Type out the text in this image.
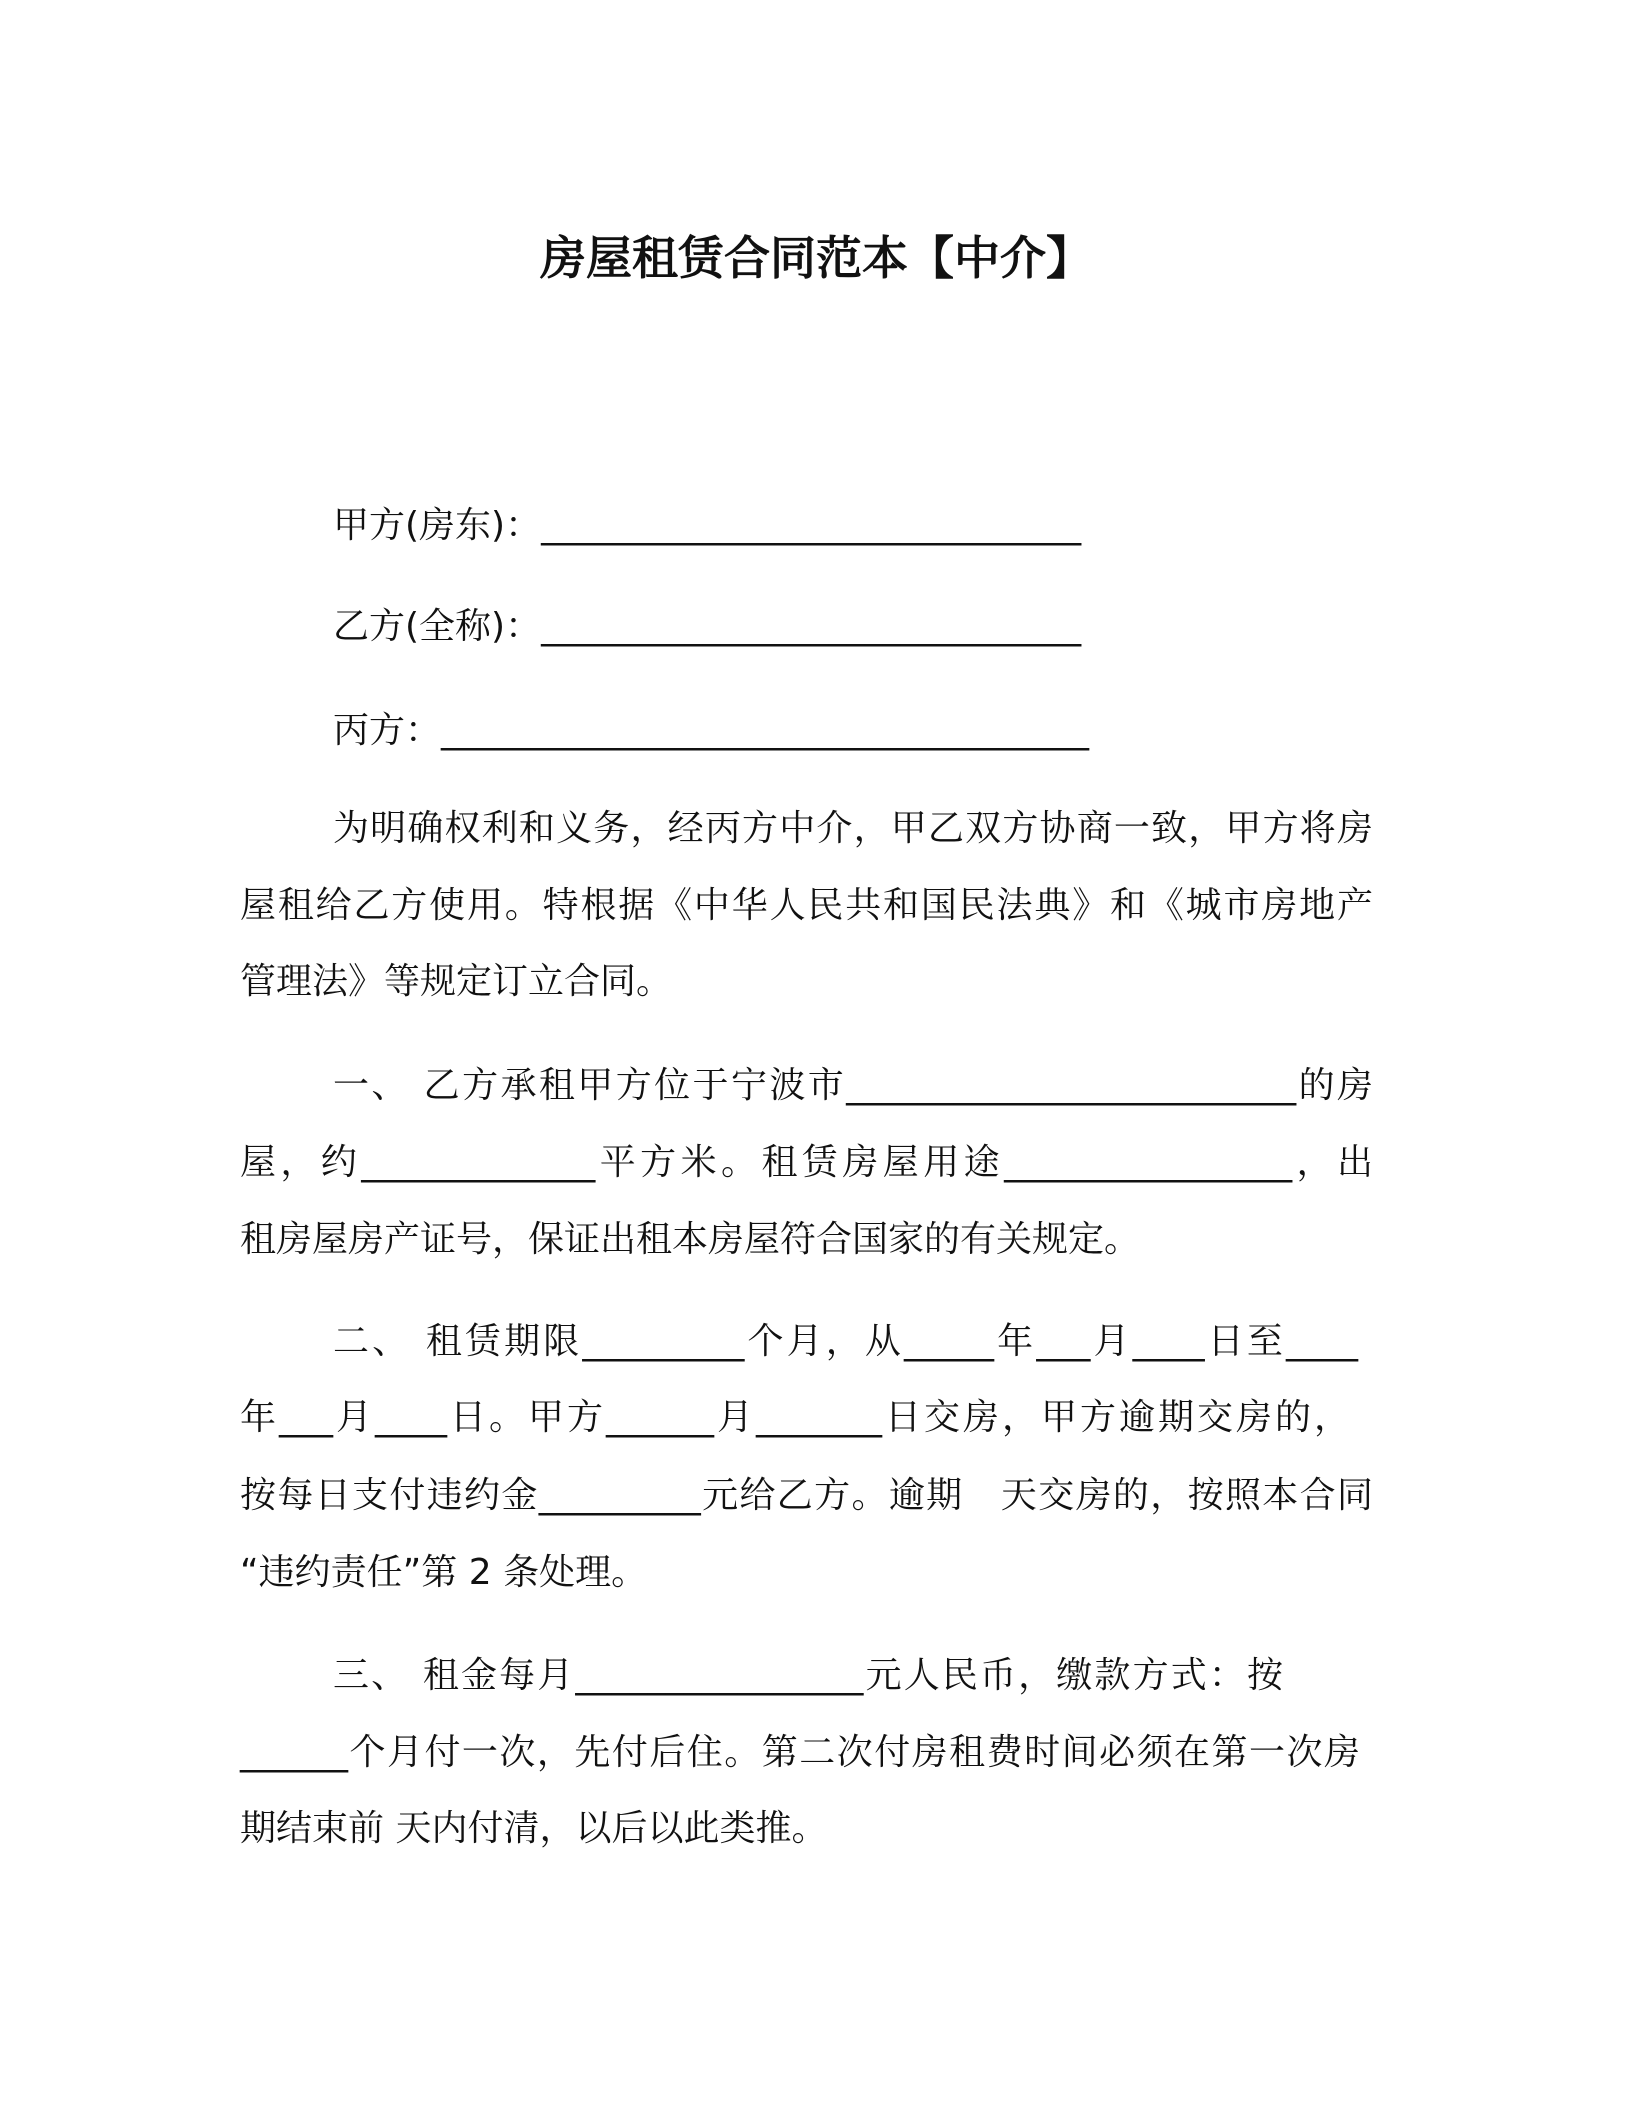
房屋租赁合同范本【中介】
甲方(房东)：______________________________
乙方(全称)：______________________________
丙方：____________________________________
为明确权利和义务，经丙方中介，甲乙双方协商一致，甲方将房
屋租给乙方使用。特根据《中华人民共和国民法典》和《城市房地产
管理法》等规定订立合同。
一、 乙方承租甲方位于宁波市_________________________的房
屋，约_____________平方米。租赁房屋用途________________，出
租房屋房产证号，保证出租本房屋符合国家的有关规定。
二、 租赁期限_________个月，从_____年___月____日至____
年___月____日。甲方______月_______日交房，甲方逾期交房的，
按每日支付违约金_________元给乙方。逾期　天交房的，按照本合同
“违约责任”第 2 条处理。
三、 租金每月________________元人民币，缴款方式：按
______个月付一次，先付后住。第二次付房租费时间必须在第一次房
期结束前 天内付清，以后以此类推。
